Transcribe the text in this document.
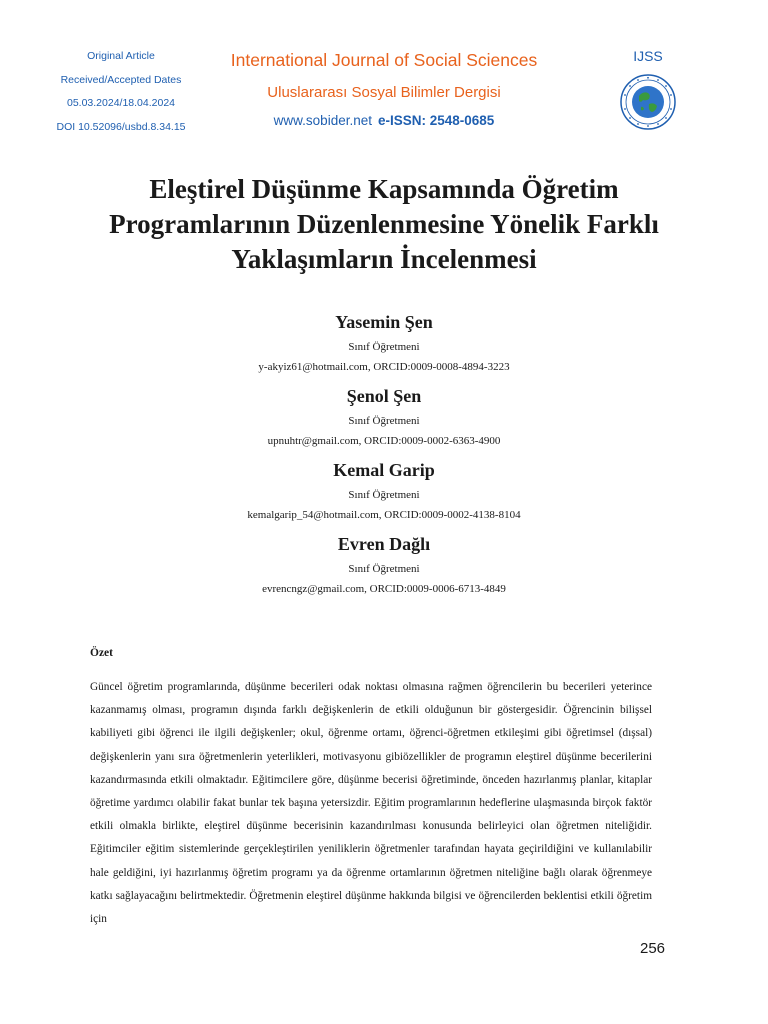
Original Article
Received/Accepted Dates
05.03.2024/18.04.2024
DOI 10.52096/usbd.8.34.15
International Journal of Social Sciences
Uluslararası Sosyal Bilimler Dergisi
www.sobider.net e-ISSN: 2548-0685
IJSS
Eleştirel Düşünme Kapsamında Öğretim Programlarının Düzenlenmesine Yönelik Farklı Yaklaşımların İncelenmesi
Yasemin Şen
Sınıf Öğretmeni
y-akyiz61@hotmail.com, ORCID:0009-0008-4894-3223
Şenol Şen
Sınıf Öğretmeni
upnuhtr@gmail.com, ORCID:0009-0002-6363-4900
Kemal Garip
Sınıf Öğretmeni
kemalgarip_54@hotmail.com, ORCID:0009-0002-4138-8104
Evren Dağlı
Sınıf Öğretmeni
evrencngz@gmail.com, ORCID:0009-0006-6713-4849
Özet

Güncel öğretim programlarında, düşünme becerileri odak noktası olmasına rağmen öğrencilerin bu becerileri yeterince kazanmamış olması, programın dışında farklı değişkenlerin de etkili olduğunun bir göstergesidir. Öğrencinin bilişsel kabiliyeti gibi öğrenci ile ilgili değişkenler; okul, öğrenme ortamı, öğrenci-öğretmen etkileşimi gibi öğretimsel (dışsal) değişkenlerin yanı sıra öğretmenlerin yeterlikleri, motivasyonu gibiözellikler de programın eleştirel düşünme becerilerini kazandırmasında etkili olmaktadır. Eğitimcilere göre, düşünme becerisi öğretiminde, önceden hazırlanmış planlar, kitaplar öğretime yardımcı olabilir fakat bunlar tek başına yetersizdir. Eğitim programlarının hedeflerine ulaşmasında birçok faktör etkili olmakla birlikte, eleştirel düşünme becerisinin kazandırılması konusunda belirleyici olan öğretmen niteliğidir. Eğitimciler eğitim sistemlerinde gerçekleştirilen yeniliklerin öğretmenler tarafından hayata geçirildiğini ve kullanılabilir hale geldiğini, iyi hazırlanmış öğretim programı ya da öğrenme ortamlarının öğretmen niteliğine bağlı olarak öğrenmeye katkı sağlayacağını belirtmektedir. Öğretmenin eleştirel düşünme hakkında bilgisi ve öğrencilerden beklentisi etkili öğretim için

256
